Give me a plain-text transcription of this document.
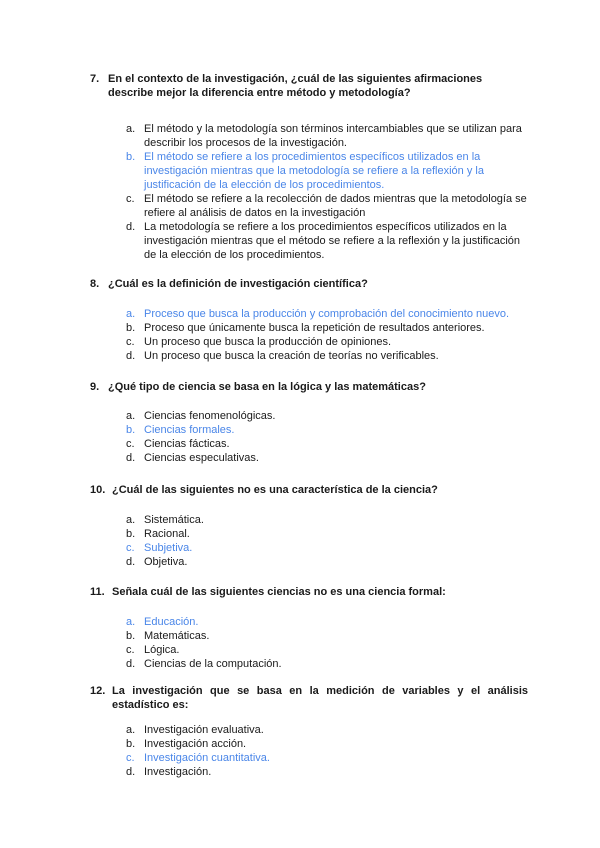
7. En el contexto de la investigación, ¿cuál de las siguientes afirmaciones describe mejor la diferencia entre método y metodología?
a. El método y la metodología son términos intercambiables que se utilizan para describir los procesos de la investigación.
b. El método se refiere a los procedimientos específicos utilizados en la investigación mientras que la metodología se refiere a la reflexión y la justificación de la elección de los procedimientos.
c. El método se refiere a la recolección de dados mientras que la metodología se refiere al análisis de datos en la investigación
d. La metodología se refiere a los procedimientos específicos utilizados en la investigación mientras que el método se refiere a la reflexión y la justificación de la elección de los procedimientos.
8. ¿Cuál es la definición de investigación científica?
a. Proceso que busca la producción y comprobación del conocimiento nuevo.
b. Proceso que únicamente busca la repetición de resultados anteriores.
c. Un proceso que busca la producción de opiniones.
d. Un proceso que busca la creación de teorías no verificables.
9. ¿Qué tipo de ciencia se basa en la lógica y las matemáticas?
a. Ciencias fenomenológicas.
b. Ciencias formales.
c. Ciencias fácticas.
d. Ciencias especulativas.
10. ¿Cuál de las siguientes no es una característica de la ciencia?
a. Sistemática.
b. Racional.
c. Subjetiva.
d. Objetiva.
11. Señala cuál de las siguientes ciencias no es una ciencia formal:
a. Educación.
b. Matemáticas.
c. Lógica.
d. Ciencias de la computación.
12. La investigación que se basa en la medición de variables y el análisis estadístico es:
a. Investigación evaluativa.
b. Investigación acción.
c. Investigación cuantitativa.
d. Investigación.
